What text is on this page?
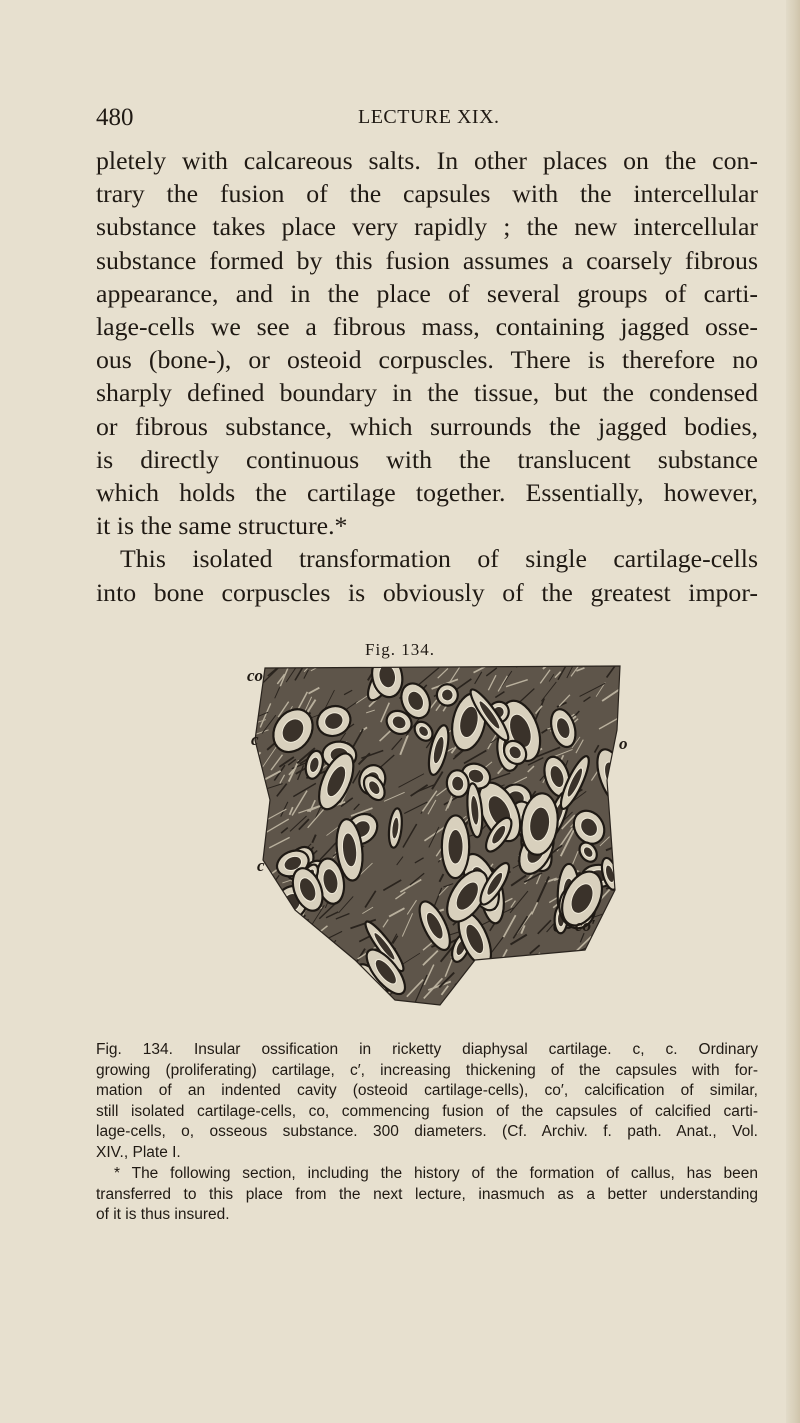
480	LECTURE XIX.
pletely with calcareous salts. In other places on the con-
trary the fusion of the capsules with the intercellular
substance takes place very rapidly ; the new intercellular
substance formed by this fusion assumes a coarsely fibrous
appearance, and in the place of several groups of carti-
lage-cells we see a fibrous mass, containing jagged osse-
ous (bone-), or osteoid corpuscles. There is therefore no
sharply defined boundary in the tissue, but the condensed
or fibrous substance, which surrounds the jagged bodies,
is directly continuous with the translucent substance
which holds the cartilage together. Essentially, however,
it is the same structure.*
This isolated transformation of single cartilage-cells
into bone corpuscles is obviously of the greatest impor-
Fig. 134.
co
c	o
c
co′
Fig. 134. Insular ossification in ricketty diaphysal cartilage. c, c. Ordinary
growing (proliferating) cartilage, c′, increasing thickening of the capsules with for-
mation of an indented cavity (osteoid cartilage-cells), co′, calcification of similar,
still isolated cartilage-cells, co, commencing fusion of the capsules of calcified carti-
lage-cells, o, osseous substance. 300 diameters. (Cf. Archiv. f. path. Anat., Vol.
XIV., Plate I.
* The following section, including the history of the formation of callus, has been
transferred to this place from the next lecture, inasmuch as a better understanding
of it is thus insured.
